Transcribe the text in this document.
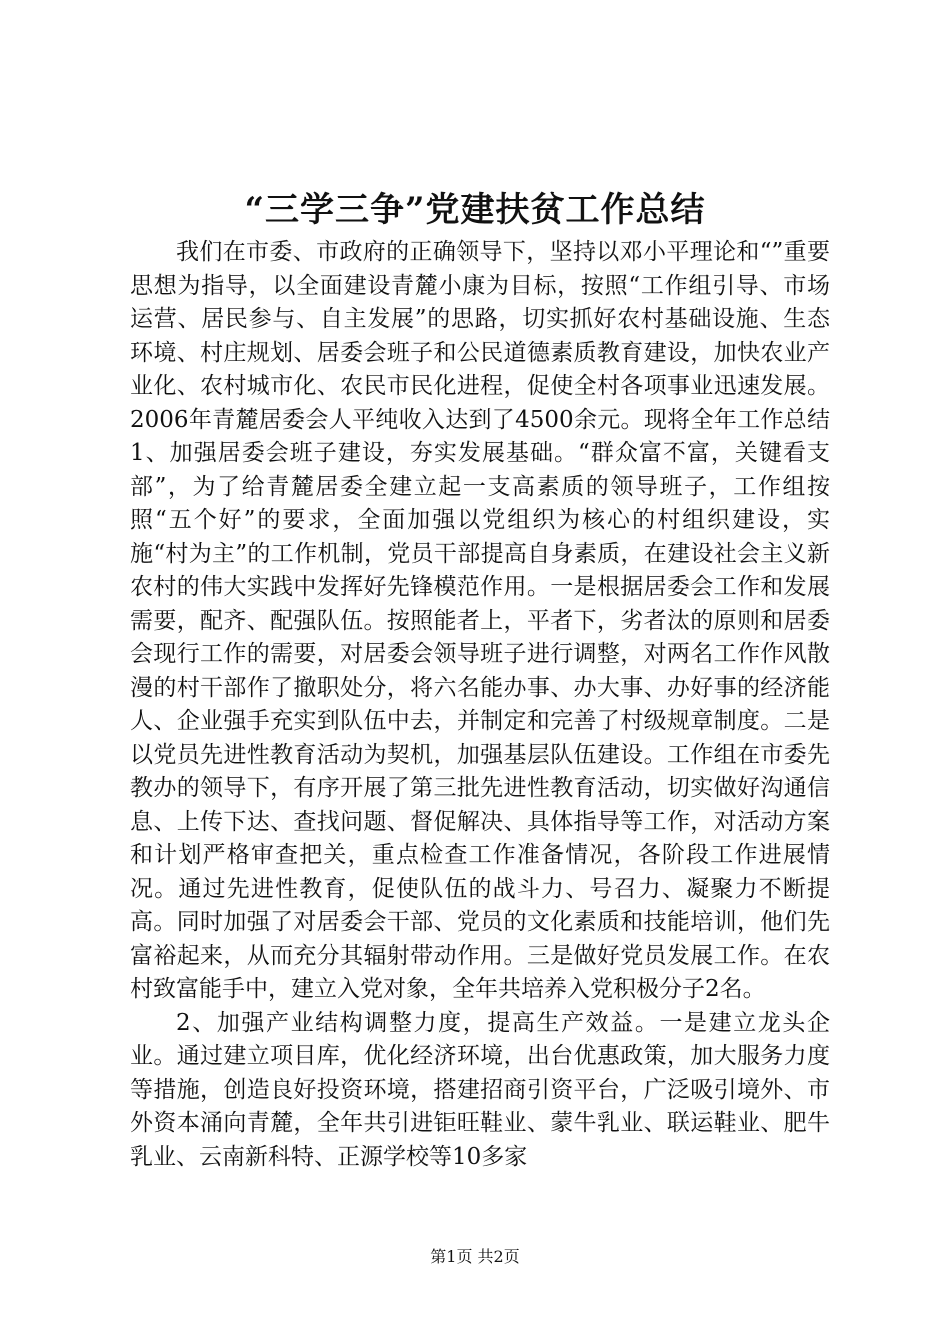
“三学三争”党建扶贫工作总结

我们在市委、市政府的正确领导下，坚持以邓小平理论和“”重要思想为指导，以全面建设青麓小康为目标，按照“工作组引导、市场运营、居民参与、自主发展”的思路，切实抓好农村基础设施、生态环境、村庄规划、居委会班子和公民道德素质教育建设，加快农业产业化、农村城市化、农民市民化进程，促使全村各项事业迅速发展。2006年青麓居委会人平纯收入达到了4500余元。现将全年工作总结 1、加强居委会班子建设，夯实发展基础。“群众富不富，关键看支部”，为了给青麓居委全建立起一支高素质的领导班子，工作组按照“五个好”的要求，全面加强以党组织为核心的村组织建设，实施“村为主”的工作机制，党员干部提高自身素质，在建设社会主义新农村的伟大实践中发挥好先锋模范作用。一是根据居委会工作和发展需要，配齐、配强队伍。按照能者上，平者下，劣者汰的原则和居委会现行工作的需要，对居委会领导班子进行调整，对两名工作作风散漫的村干部作了撤职处分，将六名能办事、办大事、办好事的经济能人、企业强手充实到队伍中去，并制定和完善了村级规章制度。二是以党员先进性教育活动为契机，加强基层队伍建设。工作组在市委先教办的领导下，有序开展了第三批先进性教育活动，切实做好沟通信息、上传下达、查找问题、督促解决、具体指导等工作，对活动方案和计划严格审查把关，重点检查工作准备情况，各阶段工作进展情况。通过先进性教育，促使队伍的战斗力、号召力、凝聚力不断提高。同时加强了对居委会干部、党员的文化素质和技能培训，他们先富裕起来，从而充分其辐射带动作用。三是做好党员发展工作。在农村致富能手中，建立入党对象，全年共培养入党积极分子2名。

2、加强产业结构调整力度，提高生产效益。一是建立龙头企业。通过建立项目库，优化经济环境，出台优惠政策，加大服务力度等措施，创造良好投资环境，搭建招商引资平台，广泛吸引境外、市外资本涌向青麓，全年共引进钜旺鞋业、蒙牛乳业、联运鞋业、肥牛乳业、云南新科特、正源学校等10多家

第1页 共2页
